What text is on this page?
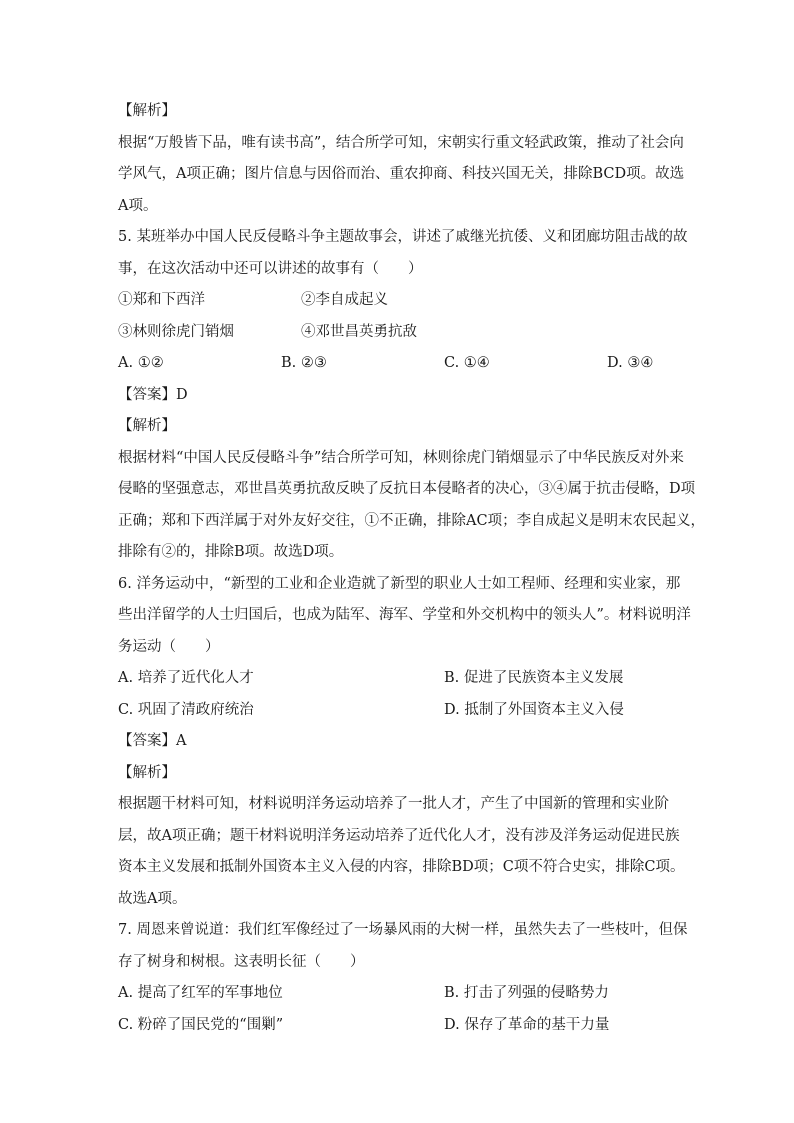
【解析】
根据“万般皆下品，唯有读书高”，结合所学可知，宋朝实行重文轻武政策，推动了社会向
学风气，A项正确；图片信息与因俗而治、重农抑商、科技兴国无关，排除BCD项。故选
A项。
5. 某班举办中国人民反侵略斗争主题故事会，讲述了戚继光抗倭、义和团廊坊阻击战的故
事，在这次活动中还可以讲述的故事有（　　）
①郑和下西洋	②李自成起义
③林则徐虎门销烟	④邓世昌英勇抗敌
A. ①②	B. ②③	C. ①④	D. ③④
【答案】D
【解析】
根据材料“中国人民反侵略斗争”结合所学可知，林则徐虎门销烟显示了中华民族反对外来
侵略的坚强意志，邓世昌英勇抗敌反映了反抗日本侵略者的决心，③④属于抗击侵略，D项
正确；郑和下西洋属于对外友好交往，①不正确，排除AC项；李自成起义是明末农民起义，
排除有②的，排除B项。故选D项。
6. 洋务运动中，“新型的工业和企业造就了新型的职业人士如工程师、经理和实业家，那
些出洋留学的人士归国后，也成为陆军、海军、学堂和外交机构中的领头人”。材料说明洋
务运动（　　）
A. 培养了近代化人才	B. 促进了民族资本主义发展
C. 巩固了清政府统治	D. 抵制了外国资本主义入侵
【答案】A
【解析】
根据题干材料可知，材料说明洋务运动培养了一批人才，产生了中国新的管理和实业阶
层，故A项正确；题干材料说明洋务运动培养了近代化人才，没有涉及洋务运动促进民族
资本主义发展和抵制外国资本主义入侵的内容，排除BD项；C项不符合史实，排除C项。
故选A项。
7. 周恩来曾说道：我们红军像经过了一场暴风雨的大树一样，虽然失去了一些枝叶，但保
存了树身和树根。这表明长征（　　）
A. 提高了红军的军事地位	B. 打击了列强的侵略势力
C. 粉碎了国民党的“围剿”	D. 保存了革命的基干力量
